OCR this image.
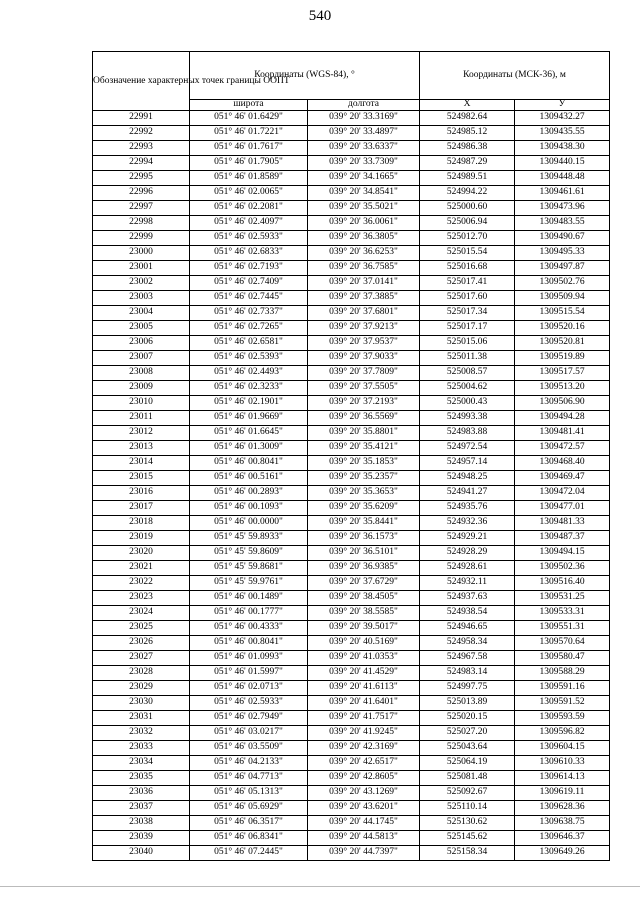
540
Обозначение характерных точек границы ООПТ	Координаты (WGS-84), °		Координаты (МСК-36), м	
	широта	долгота	X	У
22991	051° 46' 01.6429"	039° 20' 33.3169"	524982.64	1309432.27
22992	051° 46' 01.7221"	039° 20' 33.4897"	524985.12	1309435.55
22993	051° 46' 01.7617"	039° 20' 33.6337"	524986.38	1309438.30
22994	051° 46' 01.7905"	039° 20' 33.7309"	524987.29	1309440.15
22995	051° 46' 01.8589"	039° 20' 34.1665"	524989.51	1309448.48
22996	051° 46' 02.0065"	039° 20' 34.8541"	524994.22	1309461.61
22997	051° 46' 02.2081"	039° 20' 35.5021"	525000.60	1309473.96
22998	051° 46' 02.4097"	039° 20' 36.0061"	525006.94	1309483.55
22999	051° 46' 02.5933"	039° 20' 36.3805"	525012.70	1309490.67
23000	051° 46' 02.6833"	039° 20' 36.6253"	525015.54	1309495.33
23001	051° 46' 02.7193"	039° 20' 36.7585"	525016.68	1309497.87
23002	051° 46' 02.7409"	039° 20' 37.0141"	525017.41	1309502.76
23003	051° 46' 02.7445"	039° 20' 37.3885"	525017.60	1309509.94
23004	051° 46' 02.7337"	039° 20' 37.6801"	525017.34	1309515.54
23005	051° 46' 02.7265"	039° 20' 37.9213"	525017.17	1309520.16
23006	051° 46' 02.6581"	039° 20' 37.9537"	525015.06	1309520.81
23007	051° 46' 02.5393"	039° 20' 37.9033"	525011.38	1309519.89
23008	051° 46' 02.4493"	039° 20' 37.7809"	525008.57	1309517.57
23009	051° 46' 02.3233"	039° 20' 37.5505"	525004.62	1309513.20
23010	051° 46' 02.1901"	039° 20' 37.2193"	525000.43	1309506.90
23011	051° 46' 01.9669"	039° 20' 36.5569"	524993.38	1309494.28
23012	051° 46' 01.6645"	039° 20' 35.8801"	524983.88	1309481.41
23013	051° 46' 01.3009"	039° 20' 35.4121"	524972.54	1309472.57
23014	051° 46' 00.8041"	039° 20' 35.1853"	524957.14	1309468.40
23015	051° 46' 00.5161"	039° 20' 35.2357"	524948.25	1309469.47
23016	051° 46' 00.2893"	039° 20' 35.3653"	524941.27	1309472.04
23017	051° 46' 00.1093"	039° 20' 35.6209"	524935.76	1309477.01
23018	051° 46' 00.0000"	039° 20' 35.8441"	524932.36	1309481.33
23019	051° 45' 59.8933"	039° 20' 36.1573"	524929.21	1309487.37
23020	051° 45' 59.8609"	039° 20' 36.5101"	524928.29	1309494.15
23021	051° 45' 59.8681"	039° 20' 36.9385"	524928.61	1309502.36
23022	051° 45' 59.9761"	039° 20' 37.6729"	524932.11	1309516.40
23023	051° 46' 00.1489"	039° 20' 38.4505"	524937.63	1309531.25
23024	051° 46' 00.1777"	039° 20' 38.5585"	524938.54	1309533.31
23025	051° 46' 00.4333"	039° 20' 39.5017"	524946.65	1309551.31
23026	051° 46' 00.8041"	039° 20' 40.5169"	524958.34	1309570.64
23027	051° 46' 01.0993"	039° 20' 41.0353"	524967.58	1309580.47
23028	051° 46' 01.5997"	039° 20' 41.4529"	524983.14	1309588.29
23029	051° 46' 02.0713"	039° 20' 41.6113"	524997.75	1309591.16
23030	051° 46' 02.5933"	039° 20' 41.6401"	525013.89	1309591.52
23031	051° 46' 02.7949"	039° 20' 41.7517"	525020.15	1309593.59
23032	051° 46' 03.0217"	039° 20' 41.9245"	525027.20	1309596.82
23033	051° 46' 03.5509"	039° 20' 42.3169"	525043.64	1309604.15
23034	051° 46' 04.2133"	039° 20' 42.6517"	525064.19	1309610.33
23035	051° 46' 04.7713"	039° 20' 42.8605"	525081.48	1309614.13
23036	051° 46' 05.1313"	039° 20' 43.1269"	525092.67	1309619.11
23037	051° 46' 05.6929"	039° 20' 43.6201"	525110.14	1309628.36
23038	051° 46' 06.3517"	039° 20' 44.1745"	525130.62	1309638.75
23039	051° 46' 06.8341"	039° 20' 44.5813"	525145.62	1309646.37
23040	051° 46' 07.2445"	039° 20' 44.7397"	525158.34	1309649.26
